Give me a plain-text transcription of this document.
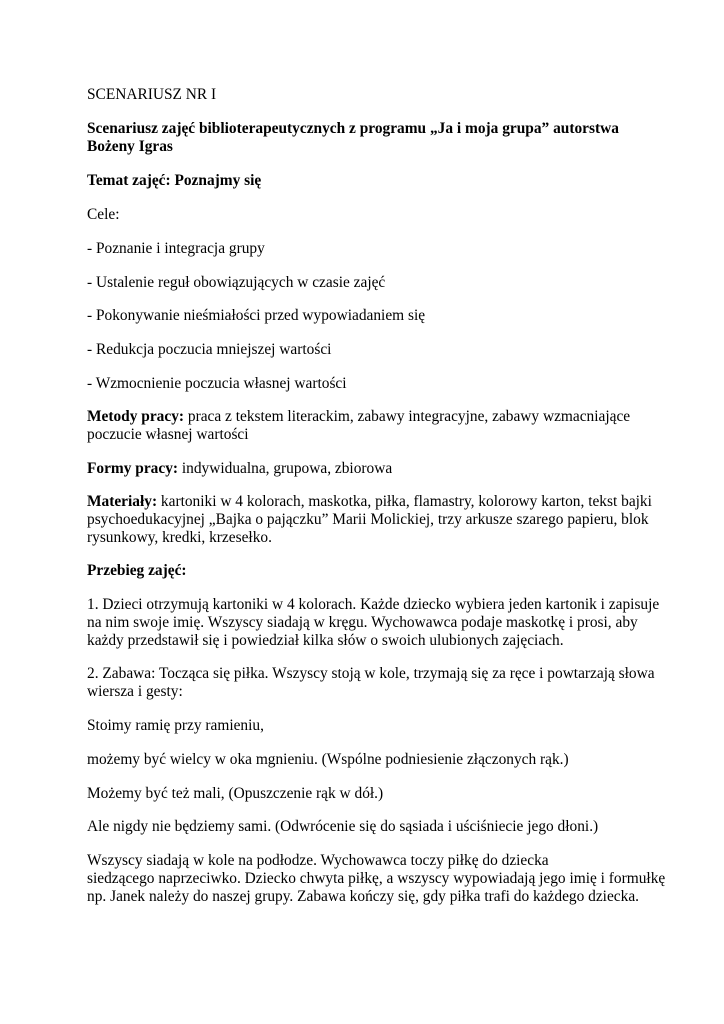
SCENARIUSZ NR I
Scenariusz zajęć biblioterapeutycznych z programu „Ja i moja grupa” autorstwa
Bożeny Igras
Temat zajęć: Poznajmy się
Cele:
- Poznanie i integracja grupy
- Ustalenie reguł obowiązujących w czasie zajęć
- Pokonywanie nieśmiałości przed wypowiadaniem się
- Redukcja poczucia mniejszej wartości
- Wzmocnienie poczucia własnej wartości
Metody pracy: praca z tekstem literackim, zabawy integracyjne, zabawy wzmacniające
poczucie własnej wartości
Formy pracy: indywidualna, grupowa, zbiorowa
Materiały: kartoniki w 4 kolorach, maskotka, piłka, flamastry, kolorowy karton, tekst bajki
psychoedukacyjnej „Bajka o pajączku” Marii Molickiej, trzy arkusze szarego papieru, blok
rysunkowy, kredki, krzesełko.
Przebieg zajęć:
1. Dzieci otrzymują kartoniki w 4 kolorach. Każde dziecko wybiera jeden kartonik i zapisuje
na nim swoje imię. Wszyscy siadają w kręgu. Wychowawca podaje maskotkę i prosi, aby
każdy przedstawił się i powiedział kilka słów o swoich ulubionych zajęciach.
2. Zabawa: Tocząca się piłka. Wszyscy stoją w kole, trzymają się za ręce i powtarzają słowa
wiersza i gesty:
Stoimy ramię przy ramieniu,
możemy być wielcy w oka mgnieniu. (Wspólne podniesienie złączonych rąk.)
Możemy być też mali, (Opuszczenie rąk w dół.)
Ale nigdy nie będziemy sami. (Odwrócenie się do sąsiada i uściśniecie jego dłoni.)
Wszyscy siadają w kole na podłodze. Wychowawca toczy piłkę do dziecka
siedzącego naprzeciwko. Dziecko chwyta piłkę, a wszyscy wypowiadają jego imię i formułkę
np. Janek należy do naszej grupy. Zabawa kończy się, gdy piłka trafi do każdego dziecka.
